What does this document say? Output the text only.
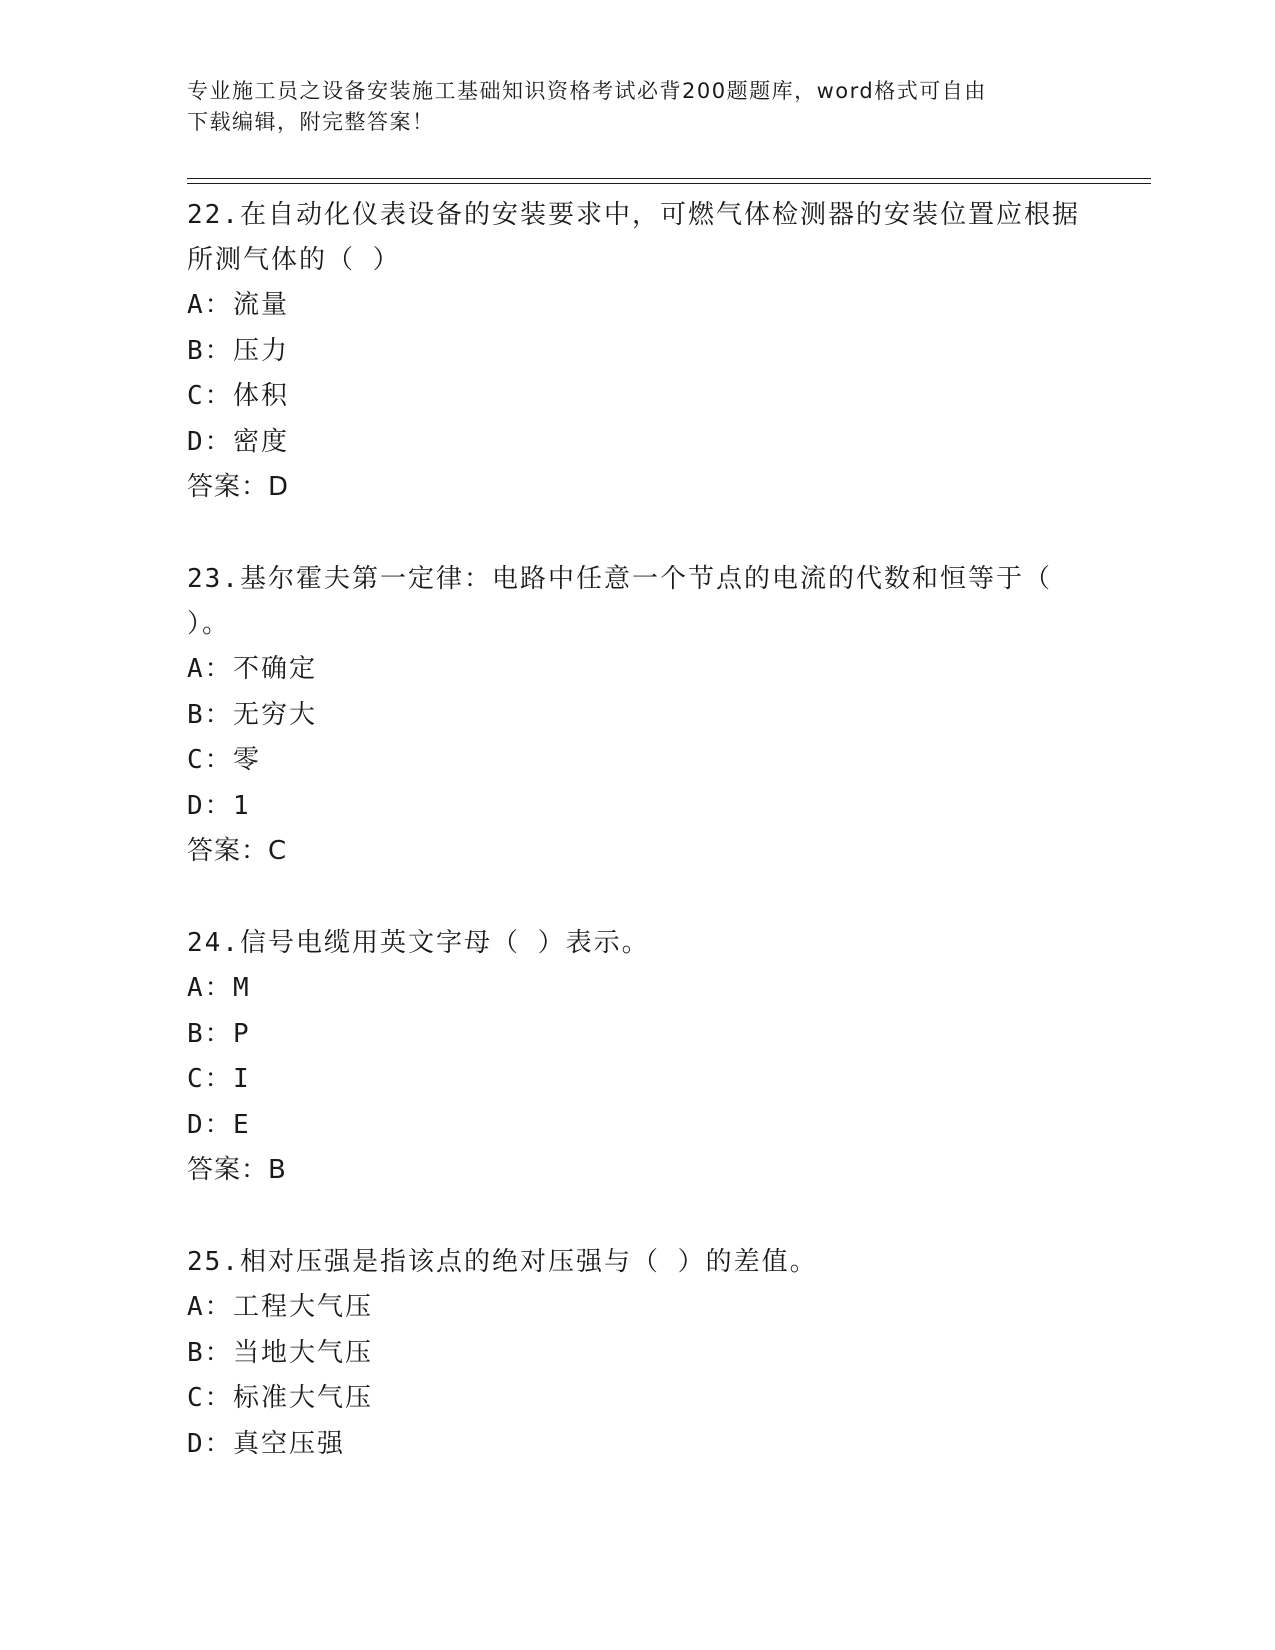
专业施工员之设备安装施工基础知识资格考试必背200题题库，word格式可自由
下载编辑，附完整答案！

22.在自动化仪表设备的安装要求中，可燃气体检测器的安装位置应根据所测气体的（ ）

A： 流量
B： 压力
C： 体积
D： 密度
答案：D

23.基尔霍夫第一定律：电路中任意一个节点的电流的代数和恒等于（ ）。

A： 不确定
B： 无穷大
C： 零
D： 1
答案：C

24.信号电缆用英文字母（ ）表示。

A： M
B： P
C： I
D： E
答案：B

25.相对压强是指该点的绝对压强与（ ）的差值。

A： 工程大气压
B： 当地大气压
C： 标准大气压
D： 真空压强
